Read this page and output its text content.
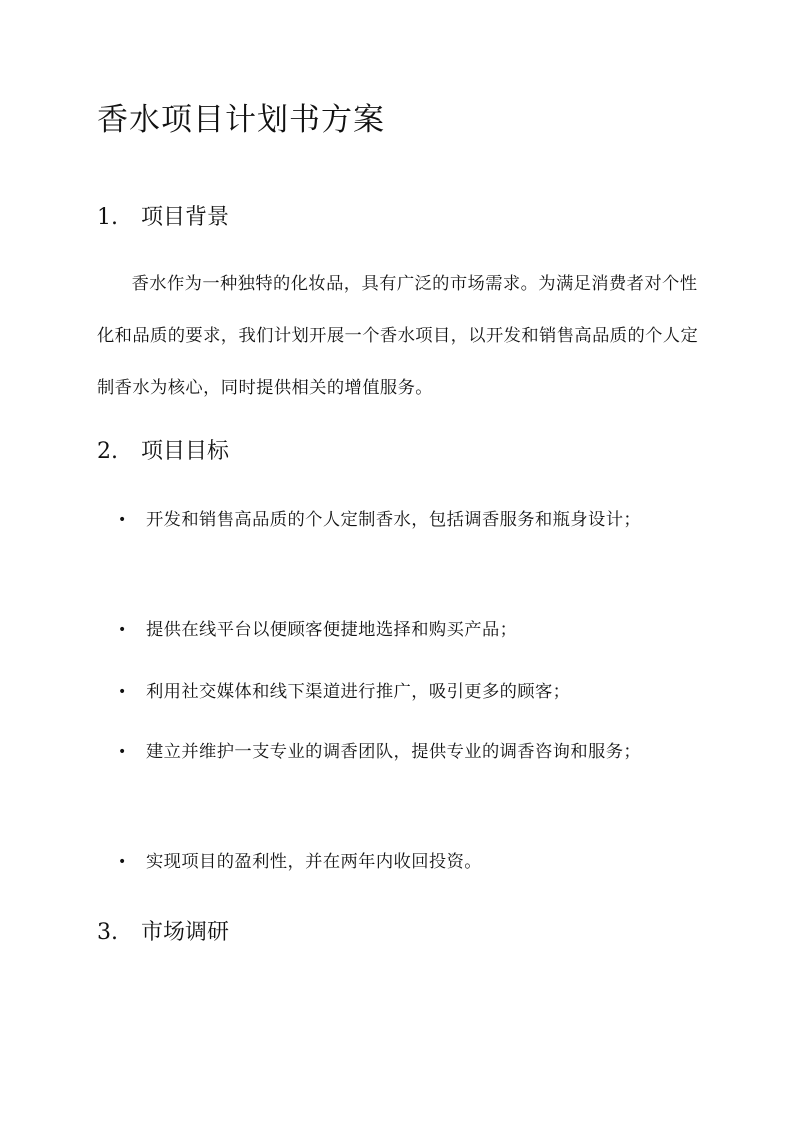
香水项目计划书方案
1. 项目背景

香水作为一种独特的化妆品，具有广泛的市场需求。为满足消费者对个性化和品质的要求，我们计划开展一个香水项目，以开发和销售高品质的个人定制香水为核心，同时提供相关的增值服务。

2. 项目目标
•	开发和销售高品质的个人定制香水，包括调香服务和瓶身设计；
•	提供在线平台以便顾客便捷地选择和购买产品；
•	利用社交媒体和线下渠道进行推广，吸引更多的顾客；
•	建立并维护一支专业的调香团队，提供专业的调香咨询和服务；
•	实现项目的盈利性，并在两年内收回投资。
3. 市场调研
